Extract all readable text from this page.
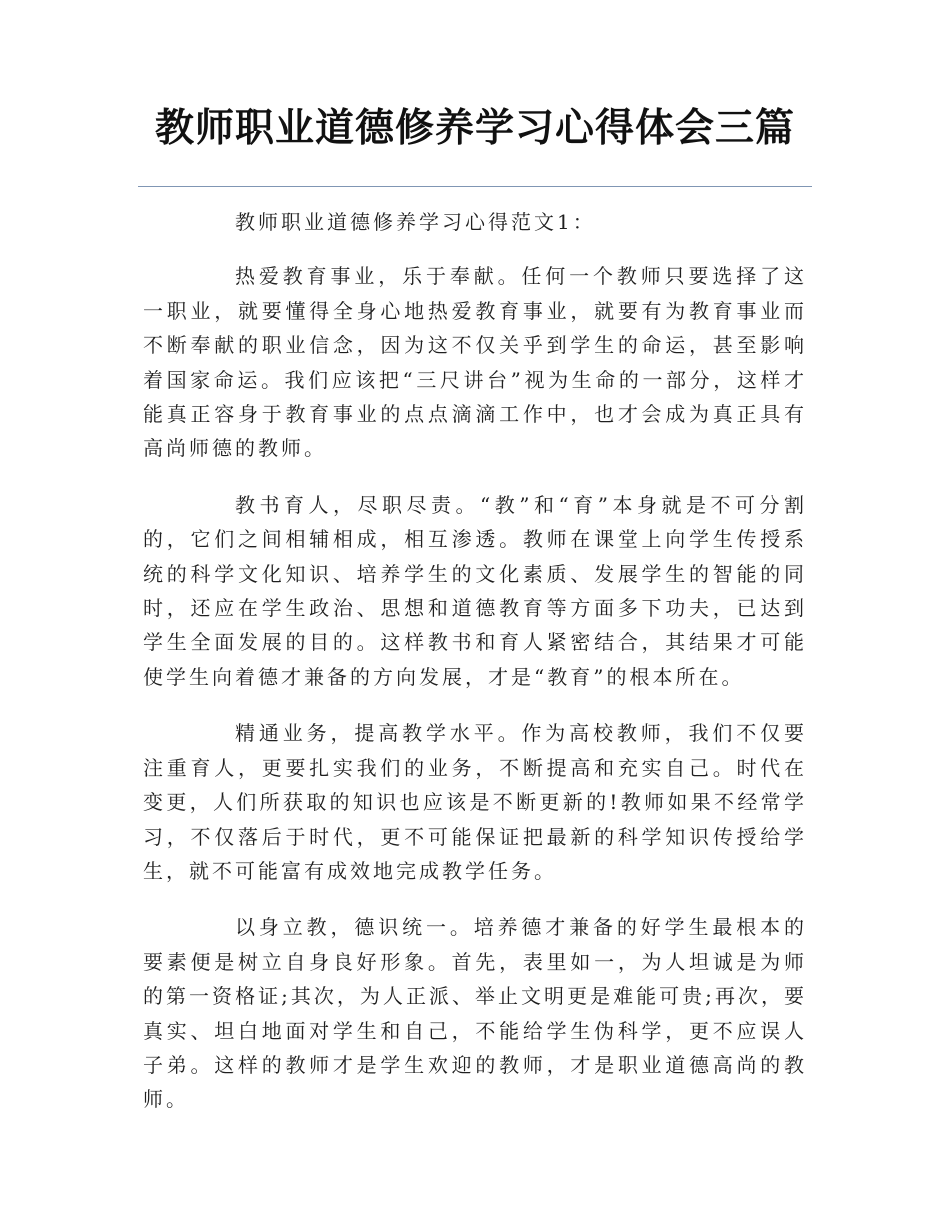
教师职业道德修养学习心得体会三篇

教师职业道德修养学习心得范文1：

热爱教育事业，乐于奉献。任何一个教师只要选择了这一职业，就要懂得全身心地热爱教育事业，就要有为教育事业而不断奉献的职业信念，因为这不仅关乎到学生的命运，甚至影响着国家命运。我们应该把“三尺讲台”视为生命的一部分，这样才能真正容身于教育事业的点点滴滴工作中，也才会成为真正具有高尚师德的教师。

教书育人，尽职尽责。“教”和“育”本身就是不可分割的，它们之间相辅相成，相互渗透。教师在课堂上向学生传授系统的科学文化知识、培养学生的文化素质、发展学生的智能的同时，还应在学生政治、思想和道德教育等方面多下功夫，已达到学生全面发展的目的。这样教书和育人紧密结合，其结果才可能使学生向着德才兼备的方向发展，才是“教育”的根本所在。

精通业务，提高教学水平。作为高校教师，我们不仅要注重育人，更要扎实我们的业务，不断提高和充实自己。时代在变更，人们所获取的知识也应该是不断更新的!教师如果不经常学习，不仅落后于时代，更不可能保证把最新的科学知识传授给学生，就不可能富有成效地完成教学任务。

以身立教，德识统一。培养德才兼备的好学生最根本的要素便是树立自身良好形象。首先，表里如一，为人坦诚是为师的第一资格证;其次，为人正派、举止文明更是难能可贵;再次，要真实、坦白地面对学生和自己，不能给学生伪科学，更不应误人子弟。这样的教师才是学生欢迎的教师，才是职业道德高尚的教师。
